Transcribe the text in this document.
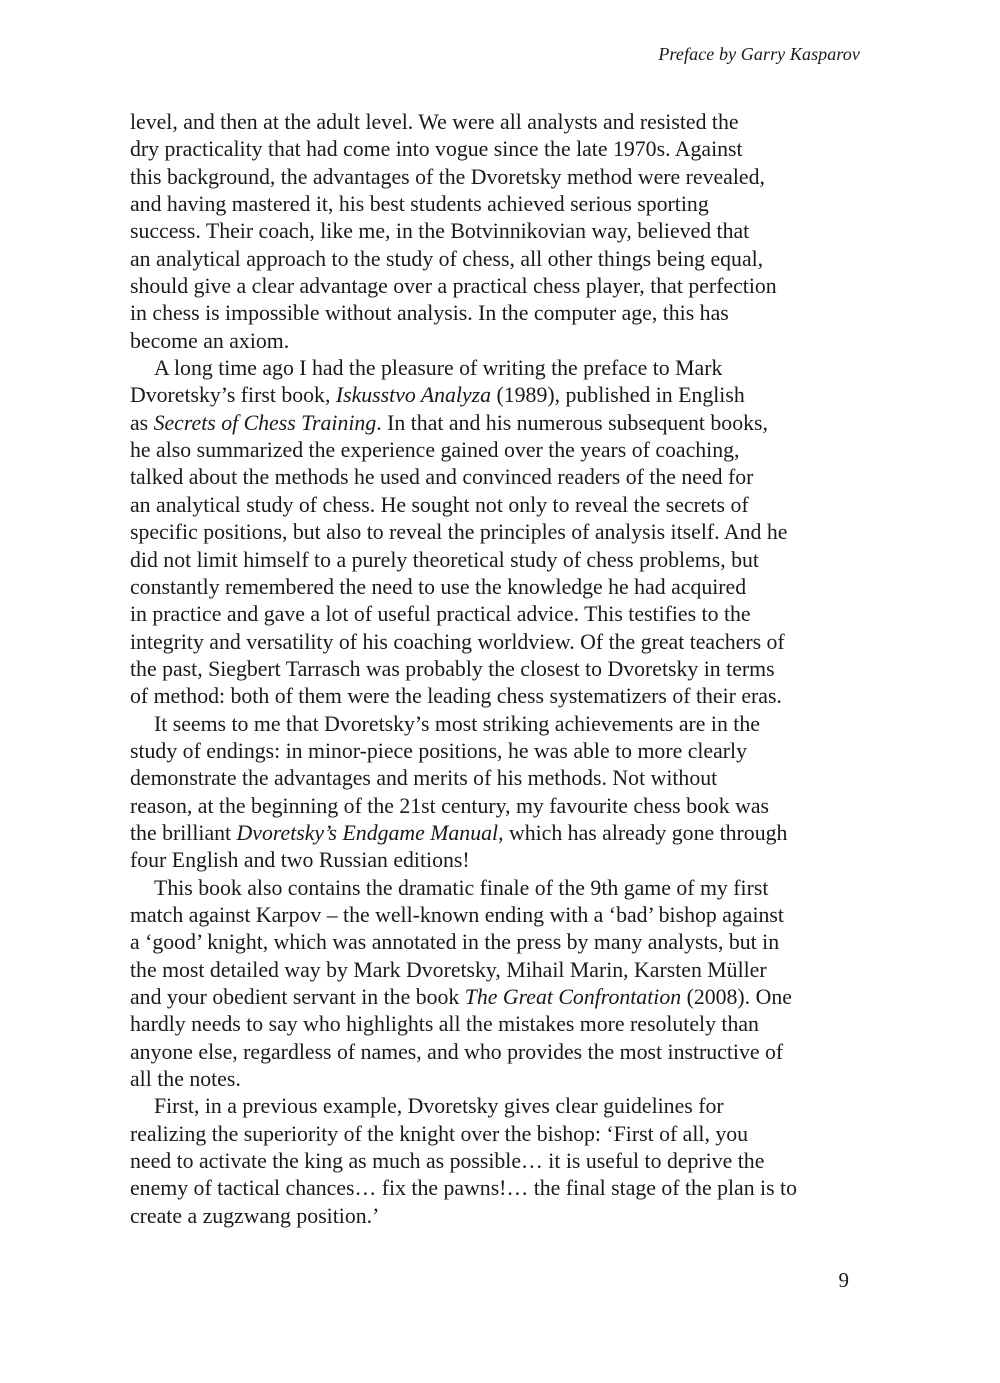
Preface by Garry Kasparov
level, and then at the adult level. We were all analysts and resisted the
dry practicality that had come into vogue since the late 1970s. Against
this background, the advantages of the Dvoretsky method were revealed,
and having mastered it, his best students achieved serious sporting
success. Their coach, like me, in the Botvinnikovian way, believed that
an analytical approach to the study of chess, all other things being equal,
should give a clear advantage over a practical chess player, that perfection
in chess is impossible without analysis. In the computer age, this has
become an axiom.
A long time ago I had the pleasure of writing the preface to Mark
Dvoretsky’s first book, Iskusstvo Analyza (1989), published in English
as Secrets of Chess Training. In that and his numerous subsequent books,
he also summarized the experience gained over the years of coaching,
talked about the methods he used and convinced readers of the need for
an analytical study of chess. He sought not only to reveal the secrets of
specific positions, but also to reveal the principles of analysis itself. And he
did not limit himself to a purely theoretical study of chess problems, but
constantly remembered the need to use the knowledge he had acquired
in practice and gave a lot of useful practical advice. This testifies to the
integrity and versatility of his coaching worldview. Of the great teachers of
the past, Siegbert Tarrasch was probably the closest to Dvoretsky in terms
of method: both of them were the leading chess systematizers of their eras.
It seems to me that Dvoretsky’s most striking achievements are in the
study of endings: in minor-piece positions, he was able to more clearly
demonstrate the advantages and merits of his methods. Not without
reason, at the beginning of the 21st century, my favourite chess book was
the brilliant Dvoretsky’s Endgame Manual, which has already gone through
four English and two Russian editions!
This book also contains the dramatic finale of the 9th game of my first
match against Karpov – the well-known ending with a ‘bad’ bishop against
a ‘good’ knight, which was annotated in the press by many analysts, but in
the most detailed way by Mark Dvoretsky, Mihail Marin, Karsten Müller
and your obedient servant in the book The Great Confrontation (2008). One
hardly needs to say who highlights all the mistakes more resolutely than
anyone else, regardless of names, and who provides the most instructive of
all the notes.
First, in a previous example, Dvoretsky gives clear guidelines for
realizing the superiority of the knight over the bishop: ‘First of all, you
need to activate the king as much as possible… it is useful to deprive the
enemy of tactical chances… fix the pawns!… the final stage of the plan is to
create a zugzwang position.’
9
